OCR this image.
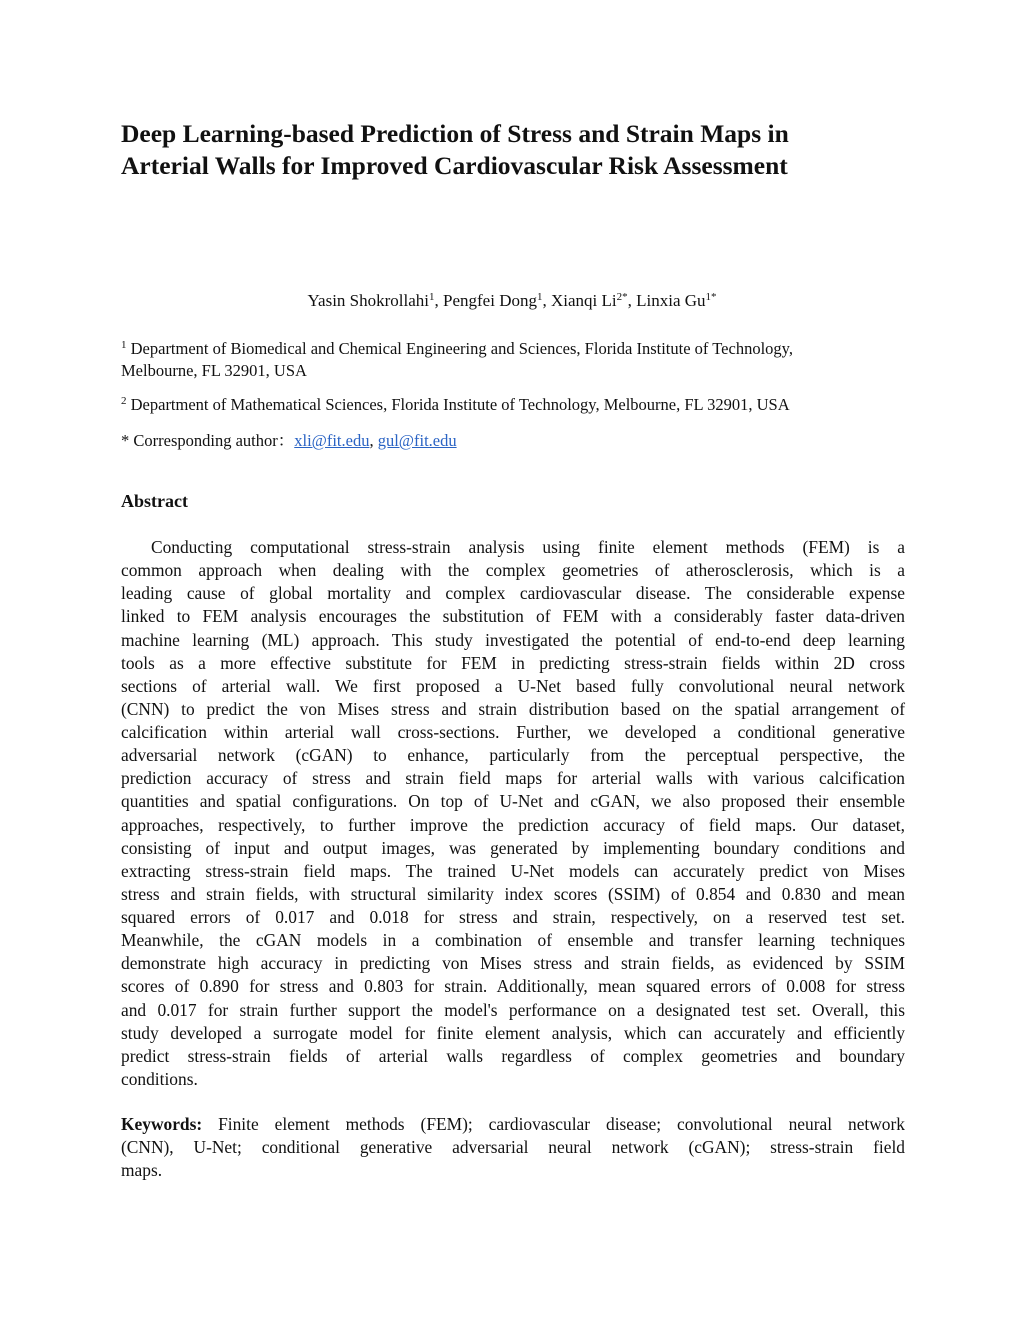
Deep Learning-based Prediction of Stress and Strain Maps in
Arterial Walls for Improved Cardiovascular Risk Assessment
Yasin Shokrollahi$^1$, Pengfei Dong$^1$, Xianqi $Li^{2*}$, Linxia $Gu^{1*}$
$^1$ Department of Biomedical and Chemical Engineering and Sciences, Florida Institute of Technology,
Melbourne, FL 32901, USA
$^2$ Department of Mathematical Sciences, Florida Institute of Technology, Melbourne, FL 32901, USA
* Corresponding author：xli@fit.edu, gul@fit.edu
Abstract
Conducting computational stress-strain analysis using finite element methods (FEM) is a
common approach when dealing with the complex geometries of atherosclerosis, which is a
leading cause of global mortality and complex cardiovascular disease. The considerable expense
linked to FEM analysis encourages the substitution of FEM with a considerably faster data-driven
machine learning (ML) approach. This study investigated the potential of end-to-end deep learning
tools as a more effective substitute for FEM in predicting stress-strain fields within 2D cross
sections of arterial wall. We first proposed a U-Net based fully convolutional neural network
(CNN) to predict the von Mises stress and strain distribution based on the spatial arrangement of
calcification within arterial wall cross-sections. Further, we developed a conditional generative
adversarial network (cGAN) to enhance, particularly from the perceptual perspective, the
prediction accuracy of stress and strain field maps for arterial walls with various calcification
quantities and spatial configurations. On top of U-Net and cGAN, we also proposed their ensemble
approaches, respectively, to further improve the prediction accuracy of field maps. Our dataset,
consisting of input and output images, was generated by implementing boundary conditions and
extracting stress-strain field maps. The trained U-Net models can accurately predict von Mises
stress and strain fields, with structural similarity index scores (SSIM) of 0.854 and 0.830 and mean
squared errors of 0.017 and 0.018 for stress and strain, respectively, on a reserved test set.
Meanwhile, the cGAN models in a combination of ensemble and transfer learning techniques
demonstrate high accuracy in predicting von Mises stress and strain fields, as evidenced by SSIM
scores of 0.890 for stress and 0.803 for strain. Additionally, mean squared errors of 0.008 for stress
and 0.017 for strain further support the model's performance on a designated test set. Overall, this
study developed a surrogate model for finite element analysis, which can accurately and efficiently
predict stress-strain fields of arterial walls regardless of complex geometries and boundary
conditions.
Keywords: Finite element methods (FEM); cardiovascular disease; convolutional neural network
(CNN), U-Net; conditional generative adversarial neural network (cGAN); stress-strain field
maps.
